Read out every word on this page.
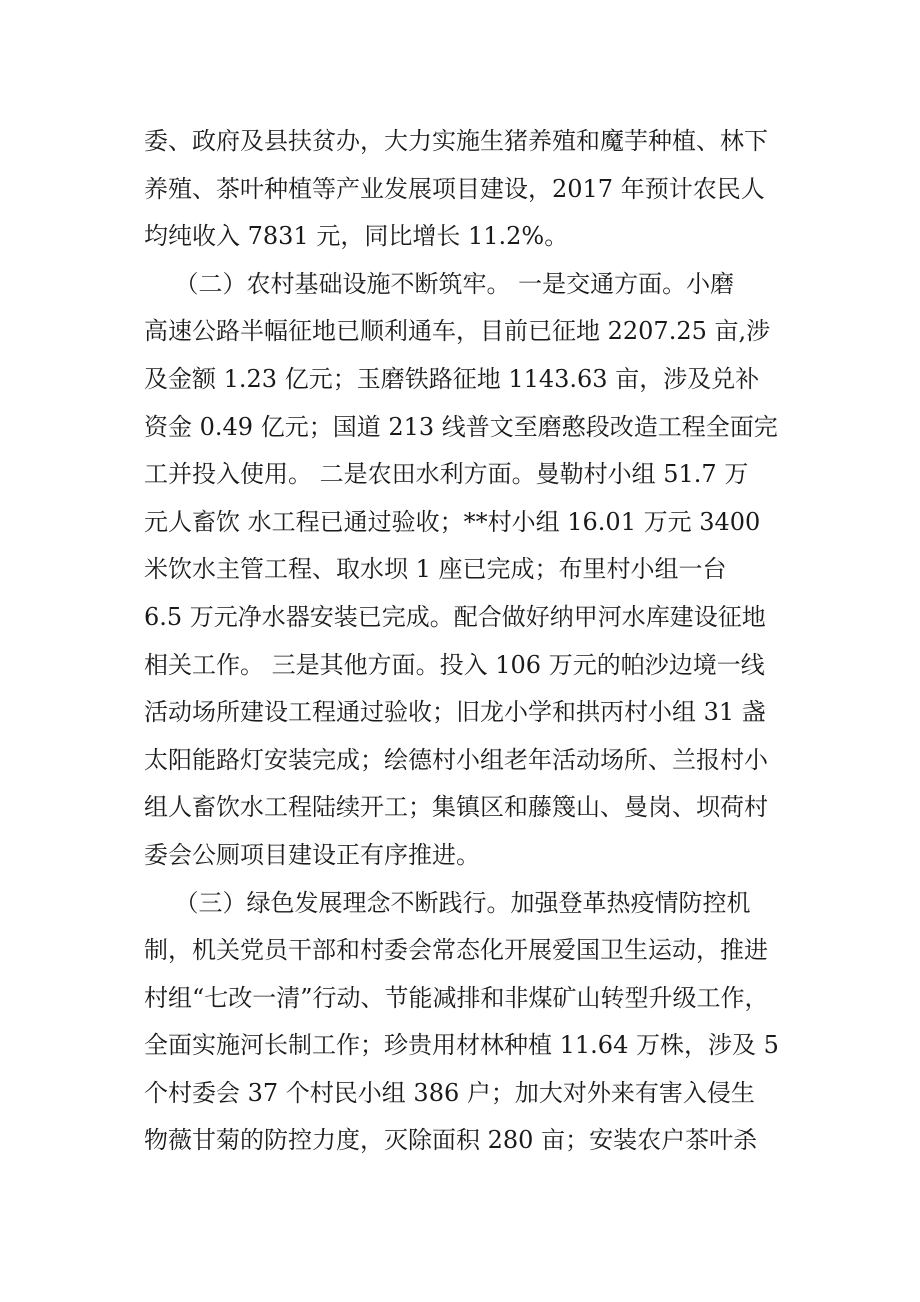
委、政府及县扶贫办，大力实施生猪养殖和魔芋种植、林下
养殖、茶叶种植等产业发展项目建设，2017 年预计农民人
均纯收入 7831 元，同比增长 11.2%。
（二）农村基础设施不断筑牢。 一是交通方面。小磨
高速公路半幅征地已顺利通车，目前已征地 2207.25 亩,涉
及金额 1.23 亿元；玉磨铁路征地 1143.63 亩，涉及兑补
资金 0.49 亿元；国道 213 线普文至磨憨段改造工程全面完
工并投入使用。 二是农田水利方面。曼勒村小组 51.7 万
元人畜饮 水工程已通过验收；**村小组 16.01 万元 3400
米饮水主管工程、取水坝 1 座已完成；布里村小组一台
6.5 万元净水器安装已完成。配合做好纳甲河水库建设征地
相关工作。 三是其他方面。投入 106 万元的帕沙边境一线
活动场所建设工程通过验收；旧龙小学和拱丙村小组 31 盏
太阳能路灯安装完成；绘德村小组老年活动场所、兰报村小
组人畜饮水工程陆续开工；集镇区和藤篾山、曼岗、坝荷村
委会公厕项目建设正有序推进。
（三）绿色发展理念不断践行。加强登革热疫情防控机
制，机关党员干部和村委会常态化开展爱国卫生运动，推进
村组“七改一清”行动、节能减排和非煤矿山转型升级工作，
全面实施河长制工作；珍贵用材林种植 11.64 万株，涉及 5
个村委会 37 个村民小组 386 户；加大对外来有害入侵生
物薇甘菊的防控力度，灭除面积 280 亩；安装农户茶叶杀
